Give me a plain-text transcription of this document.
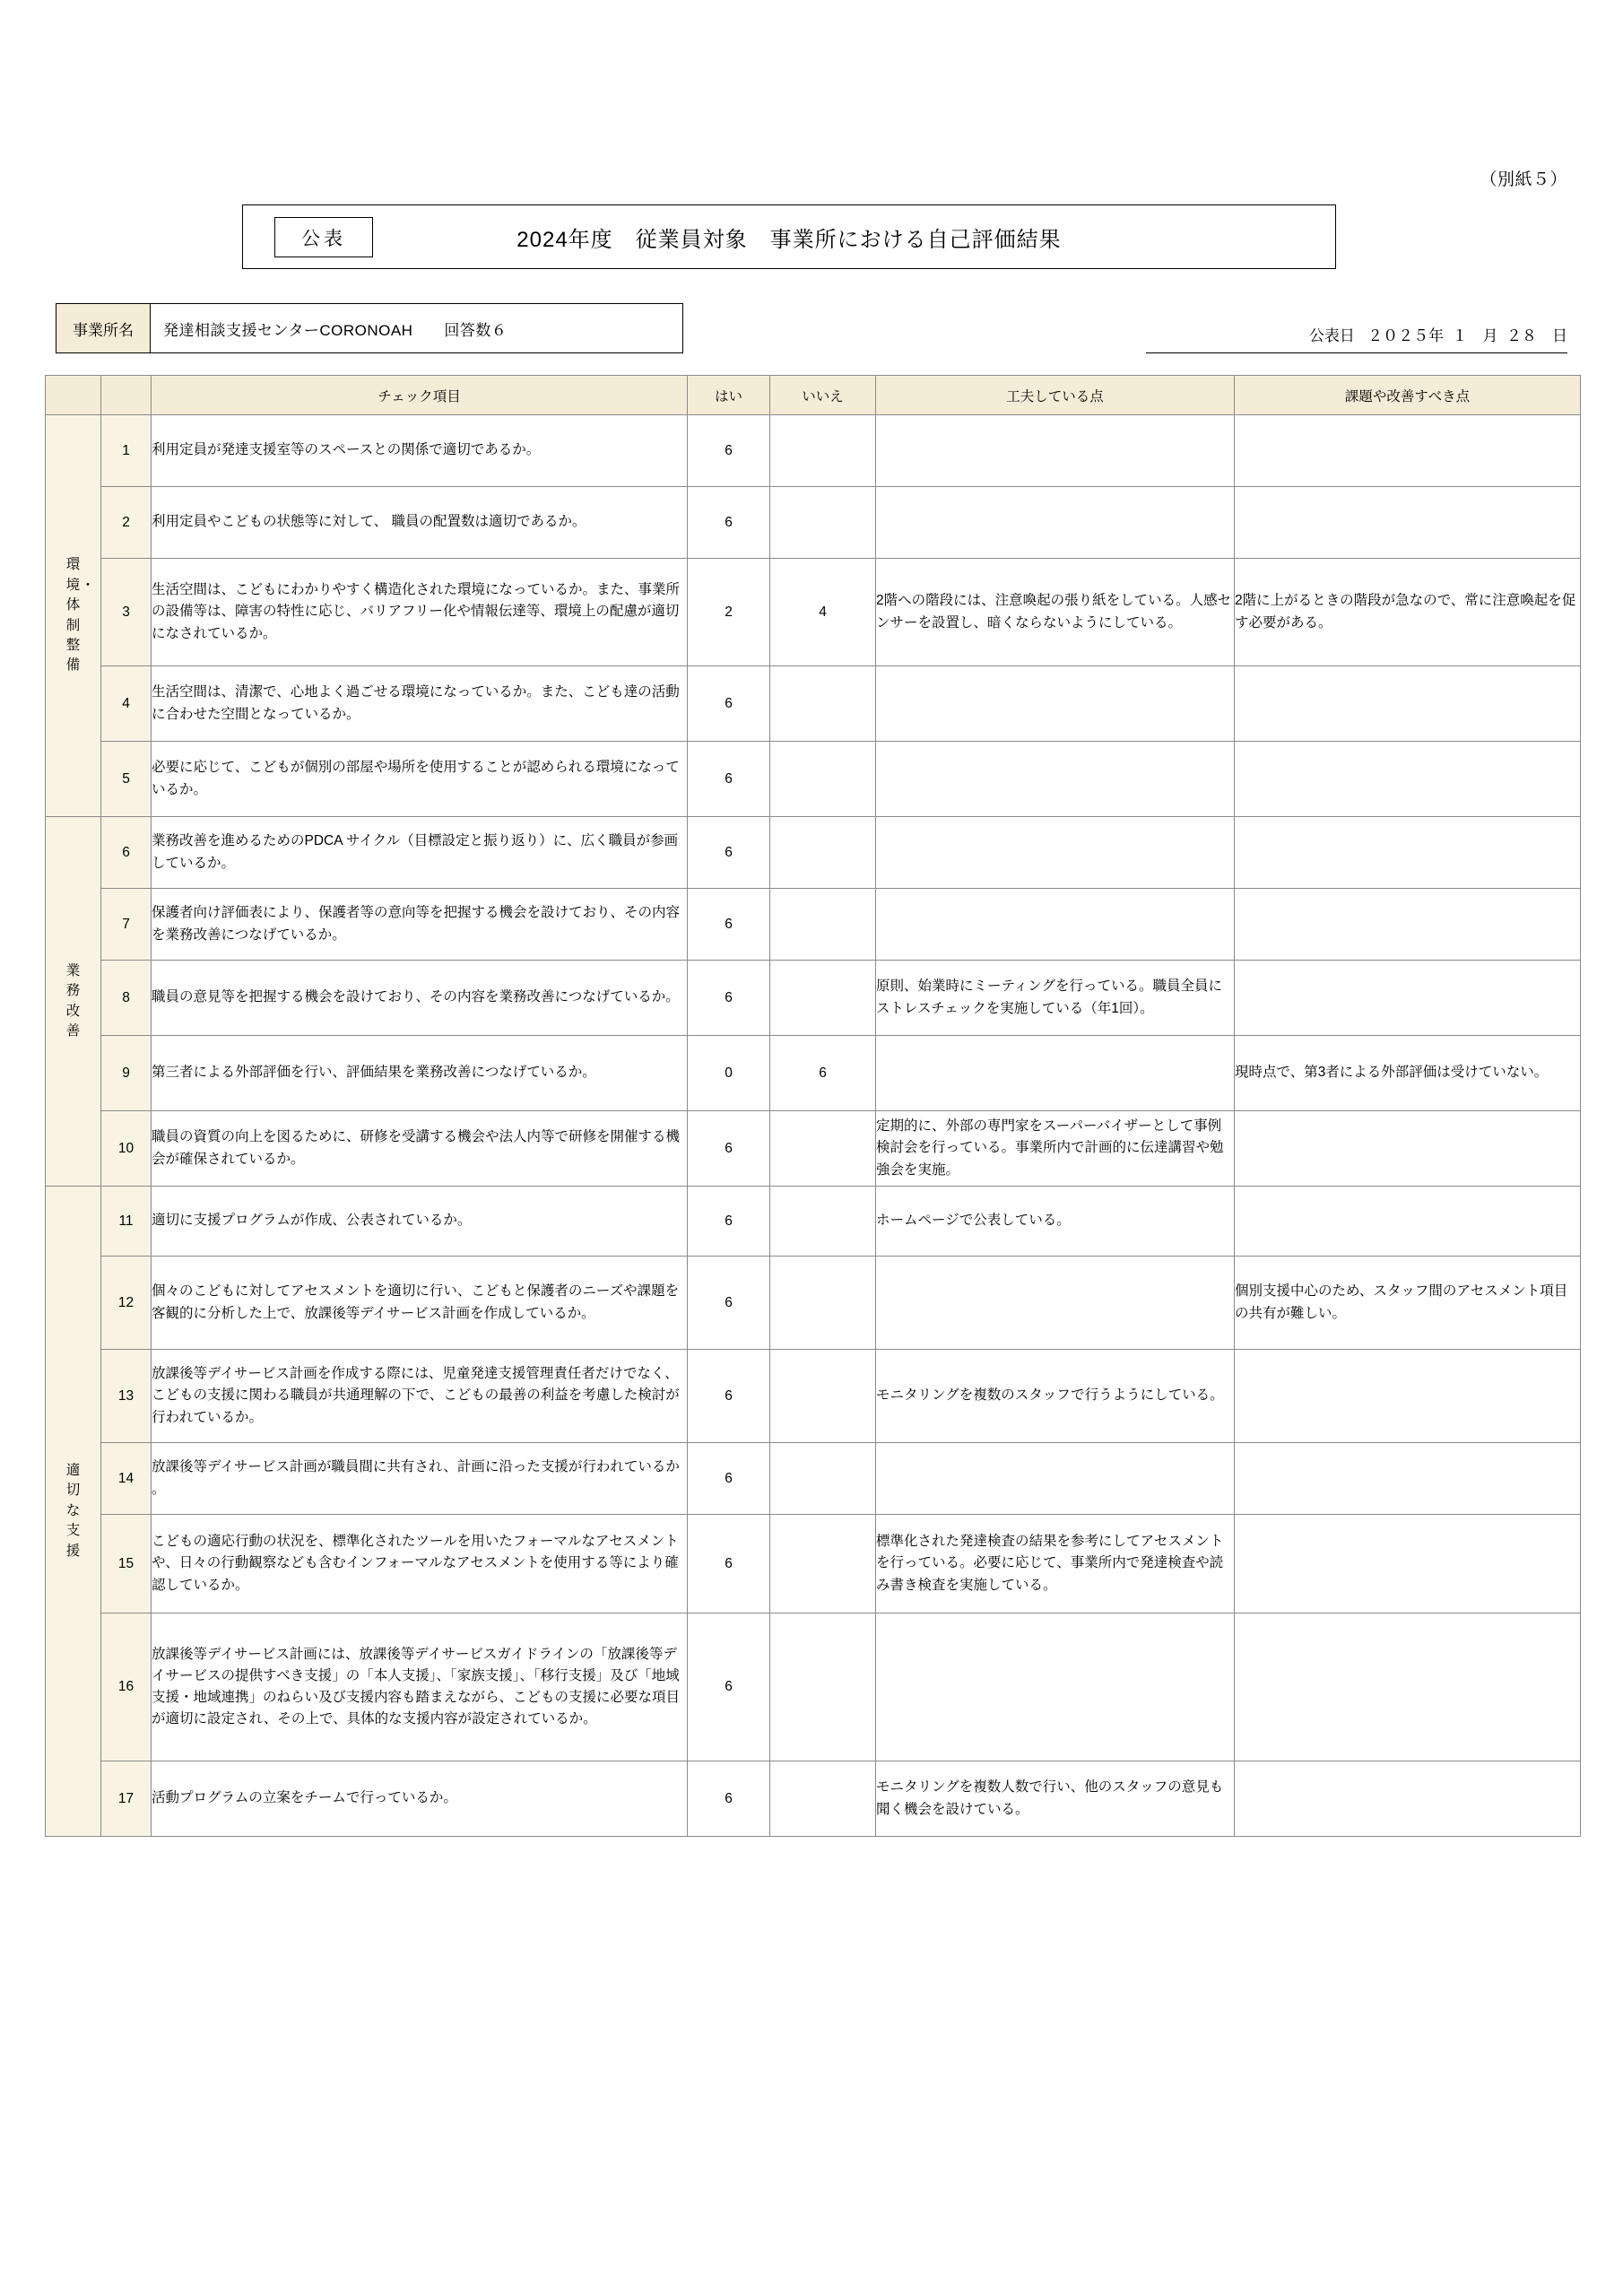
（別紙５）
2024年度　従業員対象　事業所における自己評価結果
公表
事業所名	発達相談支援センターCORONOAH　　回答数６	公表日
２０２５年
１　月
２８　日
		チェック項目	はい	いいえ	工夫している点	課題や改善すべき点
環境・体制整備	1	利用定員が発達支援室等のスペースとの関係で適切であるか。	6			
	2	利用定員やこどもの状態等に対して、 職員の配置数は適切であるか。	6			
	3	生活空間は、こどもにわかりやすく構造化された環境になっているか。また、事業所の設備等は、障害の特性に応じ、バリアフリー化や情報伝達等、環境上の配慮が適切になされているか。	2	4	2階への階段には、注意喚起の張り紙をしている。人感センサーを設置し、暗くならないようにしている。	2階に上がるときの階段が急なので、常に注意喚起を促す必要がある。
	4	生活空間は、清潔で、心地よく過ごせる環境になっているか。また、こども達の活動に合わせた空間となっているか。	6			
	5	必要に応じて、こどもが個別の部屋や場所を使用することが認められる環境になっているか。	6			
業務改善	6	業務改善を進めるためのPDCA サイクル（目標設定と振り返り）に、広く職員が参画しているか。	6			
	7	保護者向け評価表により、保護者等の意向等を把握する機会を設けており、その内容を業務改善につなげているか。	6			
	8	職員の意見等を把握する機会を設けており、その内容を業務改善につなげているか。	6		原則、始業時にミーティングを行っている。職員全員にストレスチェックを実施している（年1回）。	
	9	第三者による外部評価を行い、評価結果を業務改善につなげているか。	0	6		現時点で、第3者による外部評価は受けていない。
	10	職員の資質の向上を図るために、研修を受講する機会や法人内等で研修を開催する機会が確保されているか。	6		定期的に、外部の専門家をスーパーバイザーとして事例検討会を行っている。事業所内で計画的に伝達講習や勉強会を実施。	
適切な支援	11	適切に支援プログラムが作成、公表されているか。	6		ホームページで公表している。	
	12	個々のこどもに対してアセスメントを適切に行い、こどもと保護者のニーズや課題を客観的に分析した上で、放課後等デイサービス計画を作成しているか。	6			個別支援中心のため、スタッフ間のアセスメント項目の共有が難しい。
	13	放課後等デイサービス計画を作成する際には、児童発達支援管理責任者だけでなく、こどもの支援に関わる職員が共通理解の下で、こどもの最善の利益を考慮した検討が行われているか。	6		モニタリングを複数のスタッフで行うようにしている。	
	14	放課後等デイサービス計画が職員間に共有され、計画に沿った支援が行われているか 。	6			
	15	こどもの適応行動の状況を、標準化されたツールを用いたフォーマルなアセスメントや、日々の行動観察なども含むインフォーマルなアセスメントを使用する等により確認しているか。	6		標準化された発達検査の結果を参考にしてアセスメントを行っている。必要に応じて、事業所内で発達検査や読み書き検査を実施している。	
	16	放課後等デイサービス計画には、放課後等デイサービスガイドラインの「放課後等デイサービスの提供すべき支援」の「本人支援」、「家族支援」、「移行支援」及び「地域支援・地域連携」のねらい及び支援内容も踏まえながら、こどもの支援に必要な項目が適切に設定され、その上で、具体的な支援内容が設定されているか。	6			
	17	活動プログラムの立案をチームで行っているか。	6		モニタリングを複数人数で行い、他のスタッフの意見も聞く機会を設けている。	
